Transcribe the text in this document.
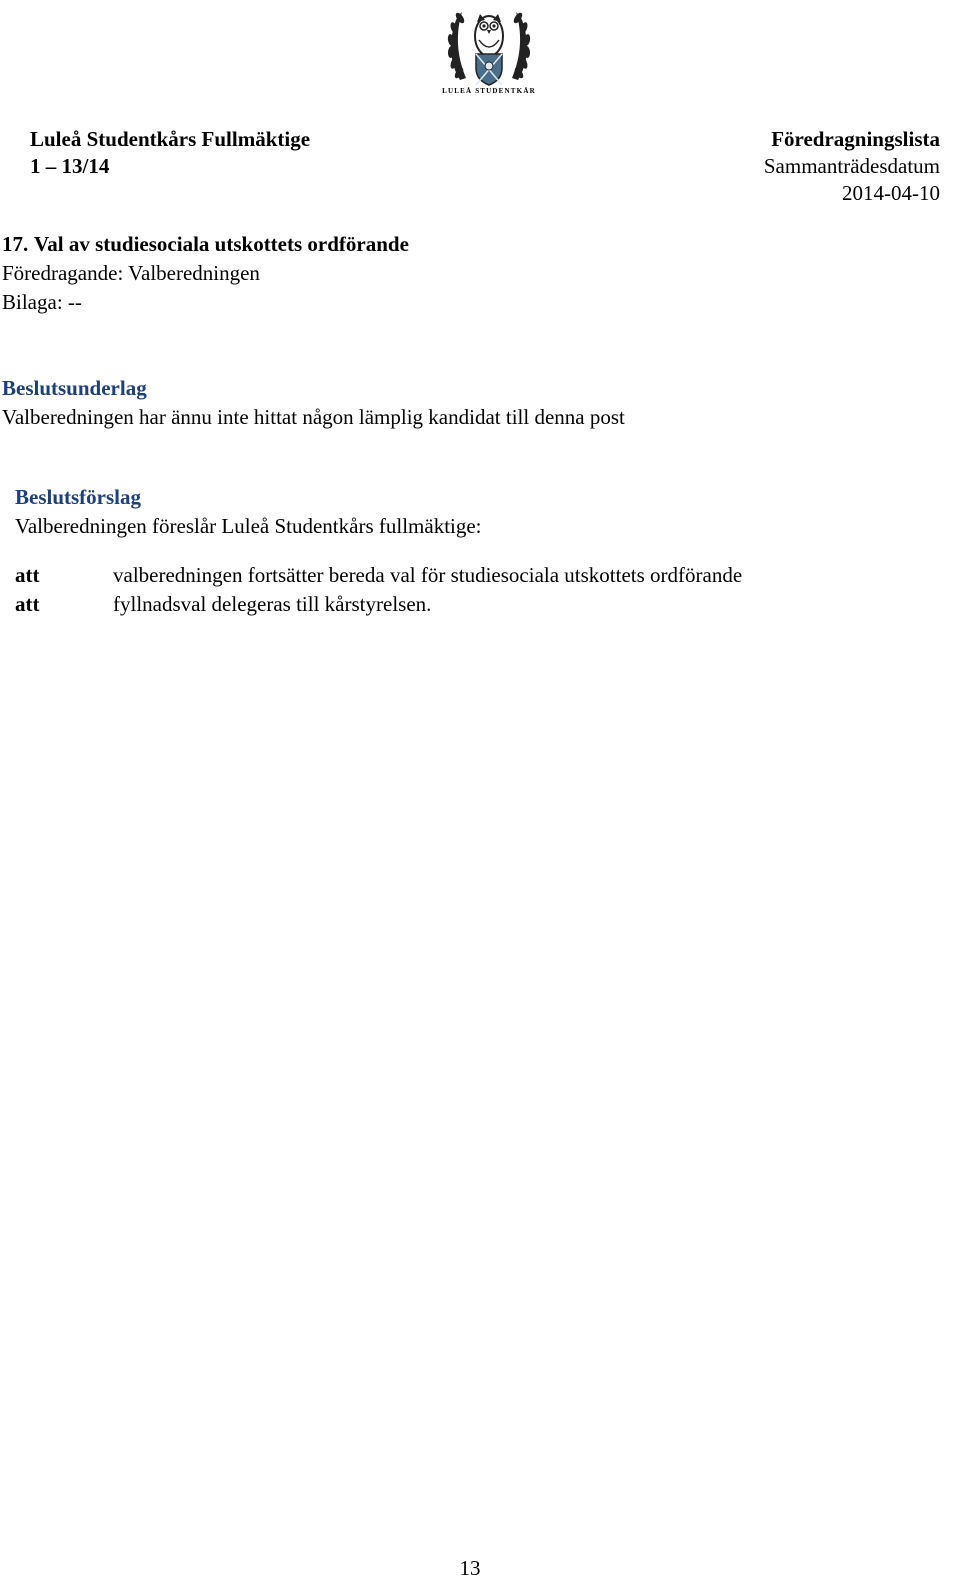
LULEÅ STUDENTKÅR
Luleå Studentkårs Fullmäktige
1 – 13/14
Föredragningslista
Sammanträdesdatum
2014-04-10
17. Val av studiesociala utskottets ordförande
Föredragande: Valberedningen
Bilaga: --
Beslutsunderlag
Valberedningen har ännu inte hittat någon lämplig kandidat till denna post
Beslutsförslag
Valberedningen föreslår Luleå Studentkårs fullmäktige:
att	valberedningen fortsätter bereda val för studiesociala utskottets ordförande
att	fyllnadsval delegeras till kårstyrelsen.
13
